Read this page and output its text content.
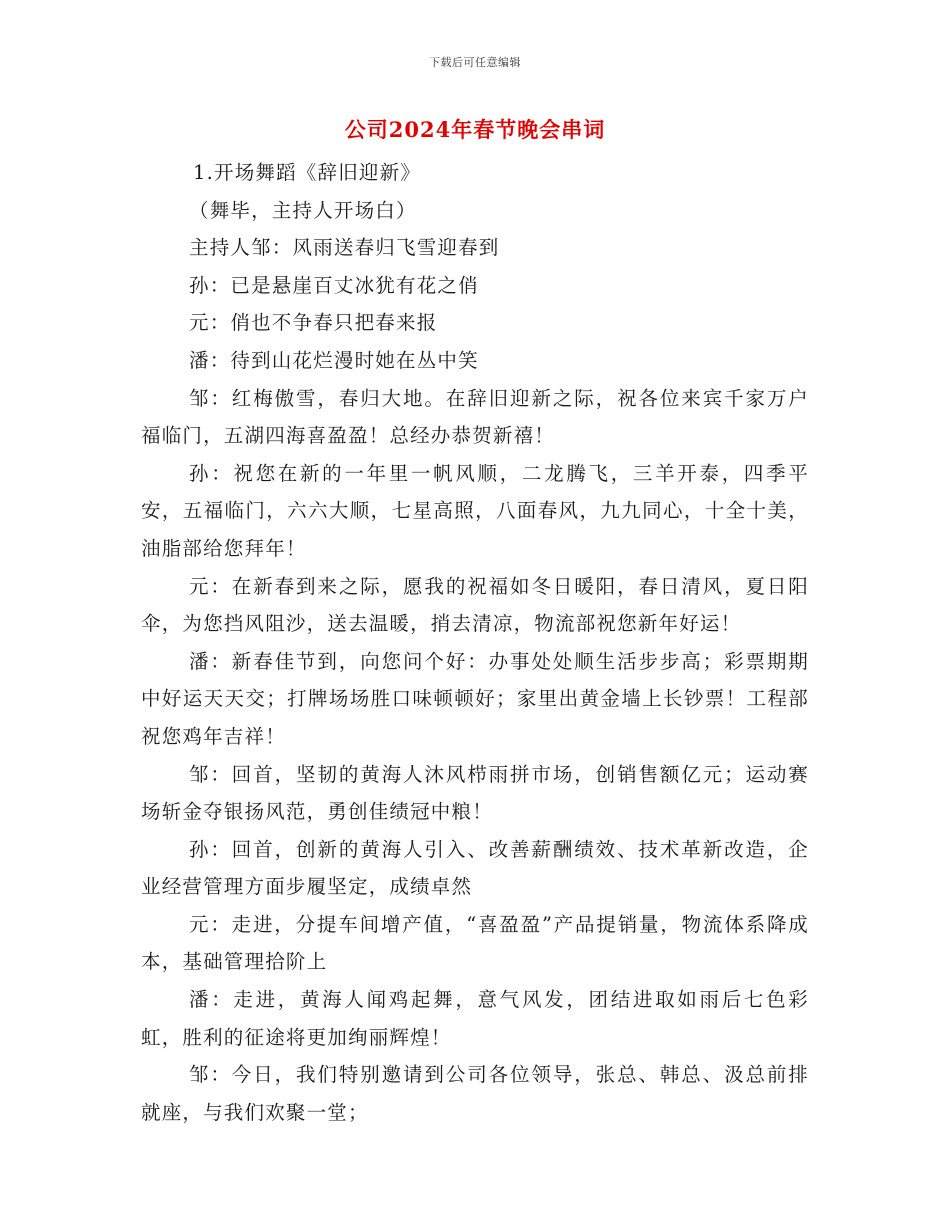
下载后可任意编辑
公司2024年春节晚会串词

1.开场舞蹈《辞旧迎新》

（舞毕，主持人开场白）

主持人邹：风雨送春归飞雪迎春到

孙：已是悬崖百丈冰犹有花之俏

元：俏也不争春只把春来报

潘：待到山花烂漫时她在丛中笑

邹：红梅傲雪，春归大地。在辞旧迎新之际，祝各位来宾千家万户福临门，五湖四海喜盈盈！总经办恭贺新禧！

孙：祝您在新的一年里一帆风顺，二龙腾飞，三羊开泰，四季平安，五福临门，六六大顺，七星高照，八面春风，九九同心，十全十美，油脂部给您拜年！

元：在新春到来之际，愿我的祝福如冬日暖阳，春日清风，夏日阳伞，为您挡风阻沙，送去温暖，捎去清凉，物流部祝您新年好运！

潘：新春佳节到，向您问个好：办事处处顺生活步步高；彩票期期中好运天天交；打牌场场胜口味顿顿好；家里出黄金墙上长钞票！工程部祝您鸡年吉祥！

邹：回首，坚韧的黄海人沐风栉雨拼市场，创销售额亿元；运动赛场斩金夺银扬风范，勇创佳绩冠中粮！

孙：回首，创新的黄海人引入、改善薪酬绩效、技术革新改造，企业经营管理方面步履坚定，成绩卓然

元：走进，分提车间增产值，“喜盈盈”产品提销量，物流体系降成本，基础管理拾阶上

潘：走进，黄海人闻鸡起舞，意气风发，团结进取如雨后七色彩虹，胜利的征途将更加绚丽辉煌！

邹：今日，我们特别邀请到公司各位领导，张总、韩总、汲总前排就座，与我们欢聚一堂；
